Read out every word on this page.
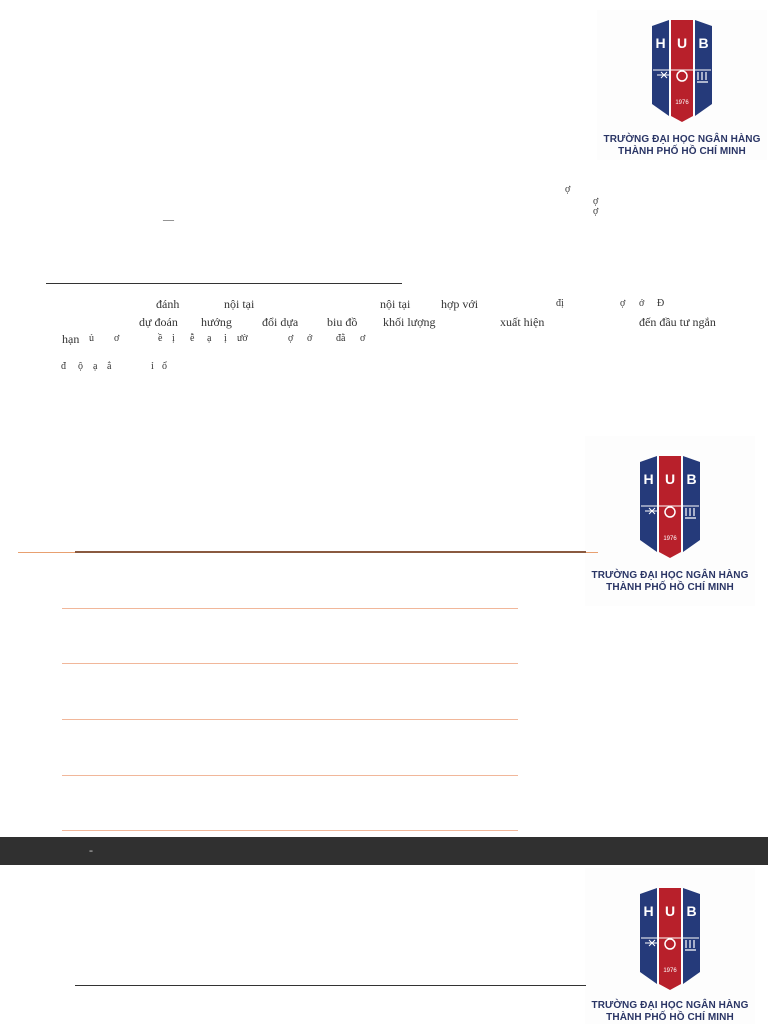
H U B
1976
TRƯỜNG ĐẠI HỌC NGÂN HÀNG
THÀNH PHỐ HỒ CHÍ MINH
ợ
ợ
ợ
—
đánh	nội tại	nội tại	hợp với	đị	ợ ớ Đ
dự đoán hướng	đổi dựa biu đồ khối lượng	xuất hiện	đến đầu tư ngắn
hạn ủ ơ	ề ị ễ ạ ị ườ	ợ ớ đằ ơ
đ ộ ạ ẳ	ỉ ổ
H U B
1976
TRƯỜNG ĐẠI HỌC NGÂN HÀNG
THÀNH PHỐ HỒ CHÍ MINH
-
H U B
1976
TRƯỜNG ĐẠI HỌC NGÂN HÀNG
THÀNH PHỐ HỒ CHÍ MINH
